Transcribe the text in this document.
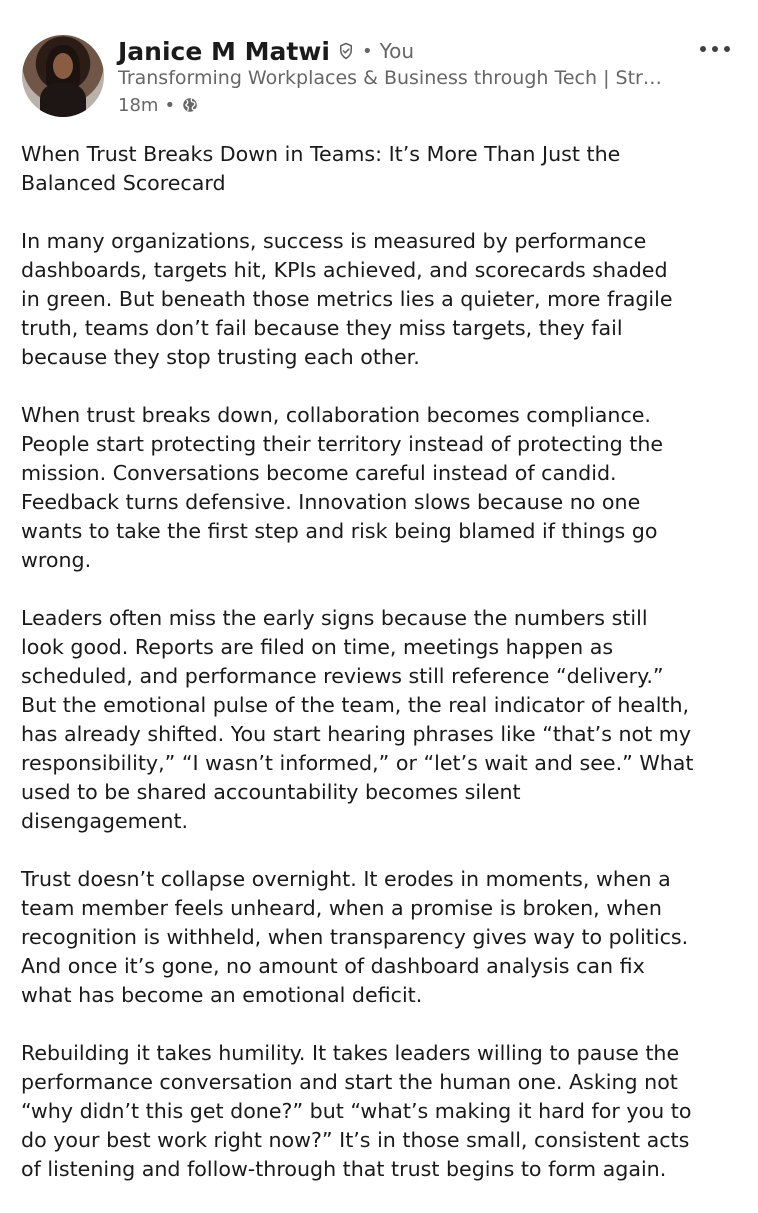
Janice M Matwi • You
Transforming Workplaces & Business through Tech | Str…
18m •

When Trust Breaks Down in Teams: It’s More Than Just the
Balanced Scorecard

In many organizations, success is measured by performance
dashboards, targets hit, KPIs achieved, and scorecards shaded
in green. But beneath those metrics lies a quieter, more fragile
truth, teams don’t fail because they miss targets, they fail
because they stop trusting each other.

When trust breaks down, collaboration becomes compliance.
People start protecting their territory instead of protecting the
mission. Conversations become careful instead of candid.
Feedback turns defensive. Innovation slows because no one
wants to take the first step and risk being blamed if things go
wrong.

Leaders often miss the early signs because the numbers still
look good. Reports are filed on time, meetings happen as
scheduled, and performance reviews still reference “delivery.”
But the emotional pulse of the team, the real indicator of health,
has already shifted. You start hearing phrases like “that’s not my
responsibility,” “I wasn’t informed,” or “let’s wait and see.” What
used to be shared accountability becomes silent
disengagement.

Trust doesn’t collapse overnight. It erodes in moments, when a
team member feels unheard, when a promise is broken, when
recognition is withheld, when transparency gives way to politics.
And once it’s gone, no amount of dashboard analysis can fix
what has become an emotional deficit.

Rebuilding it takes humility. It takes leaders willing to pause the
performance conversation and start the human one. Asking not
“why didn’t this get done?” but “what’s making it hard for you to
do your best work right now?” It’s in those small, consistent acts
of listening and follow-through that trust begins to form again.
